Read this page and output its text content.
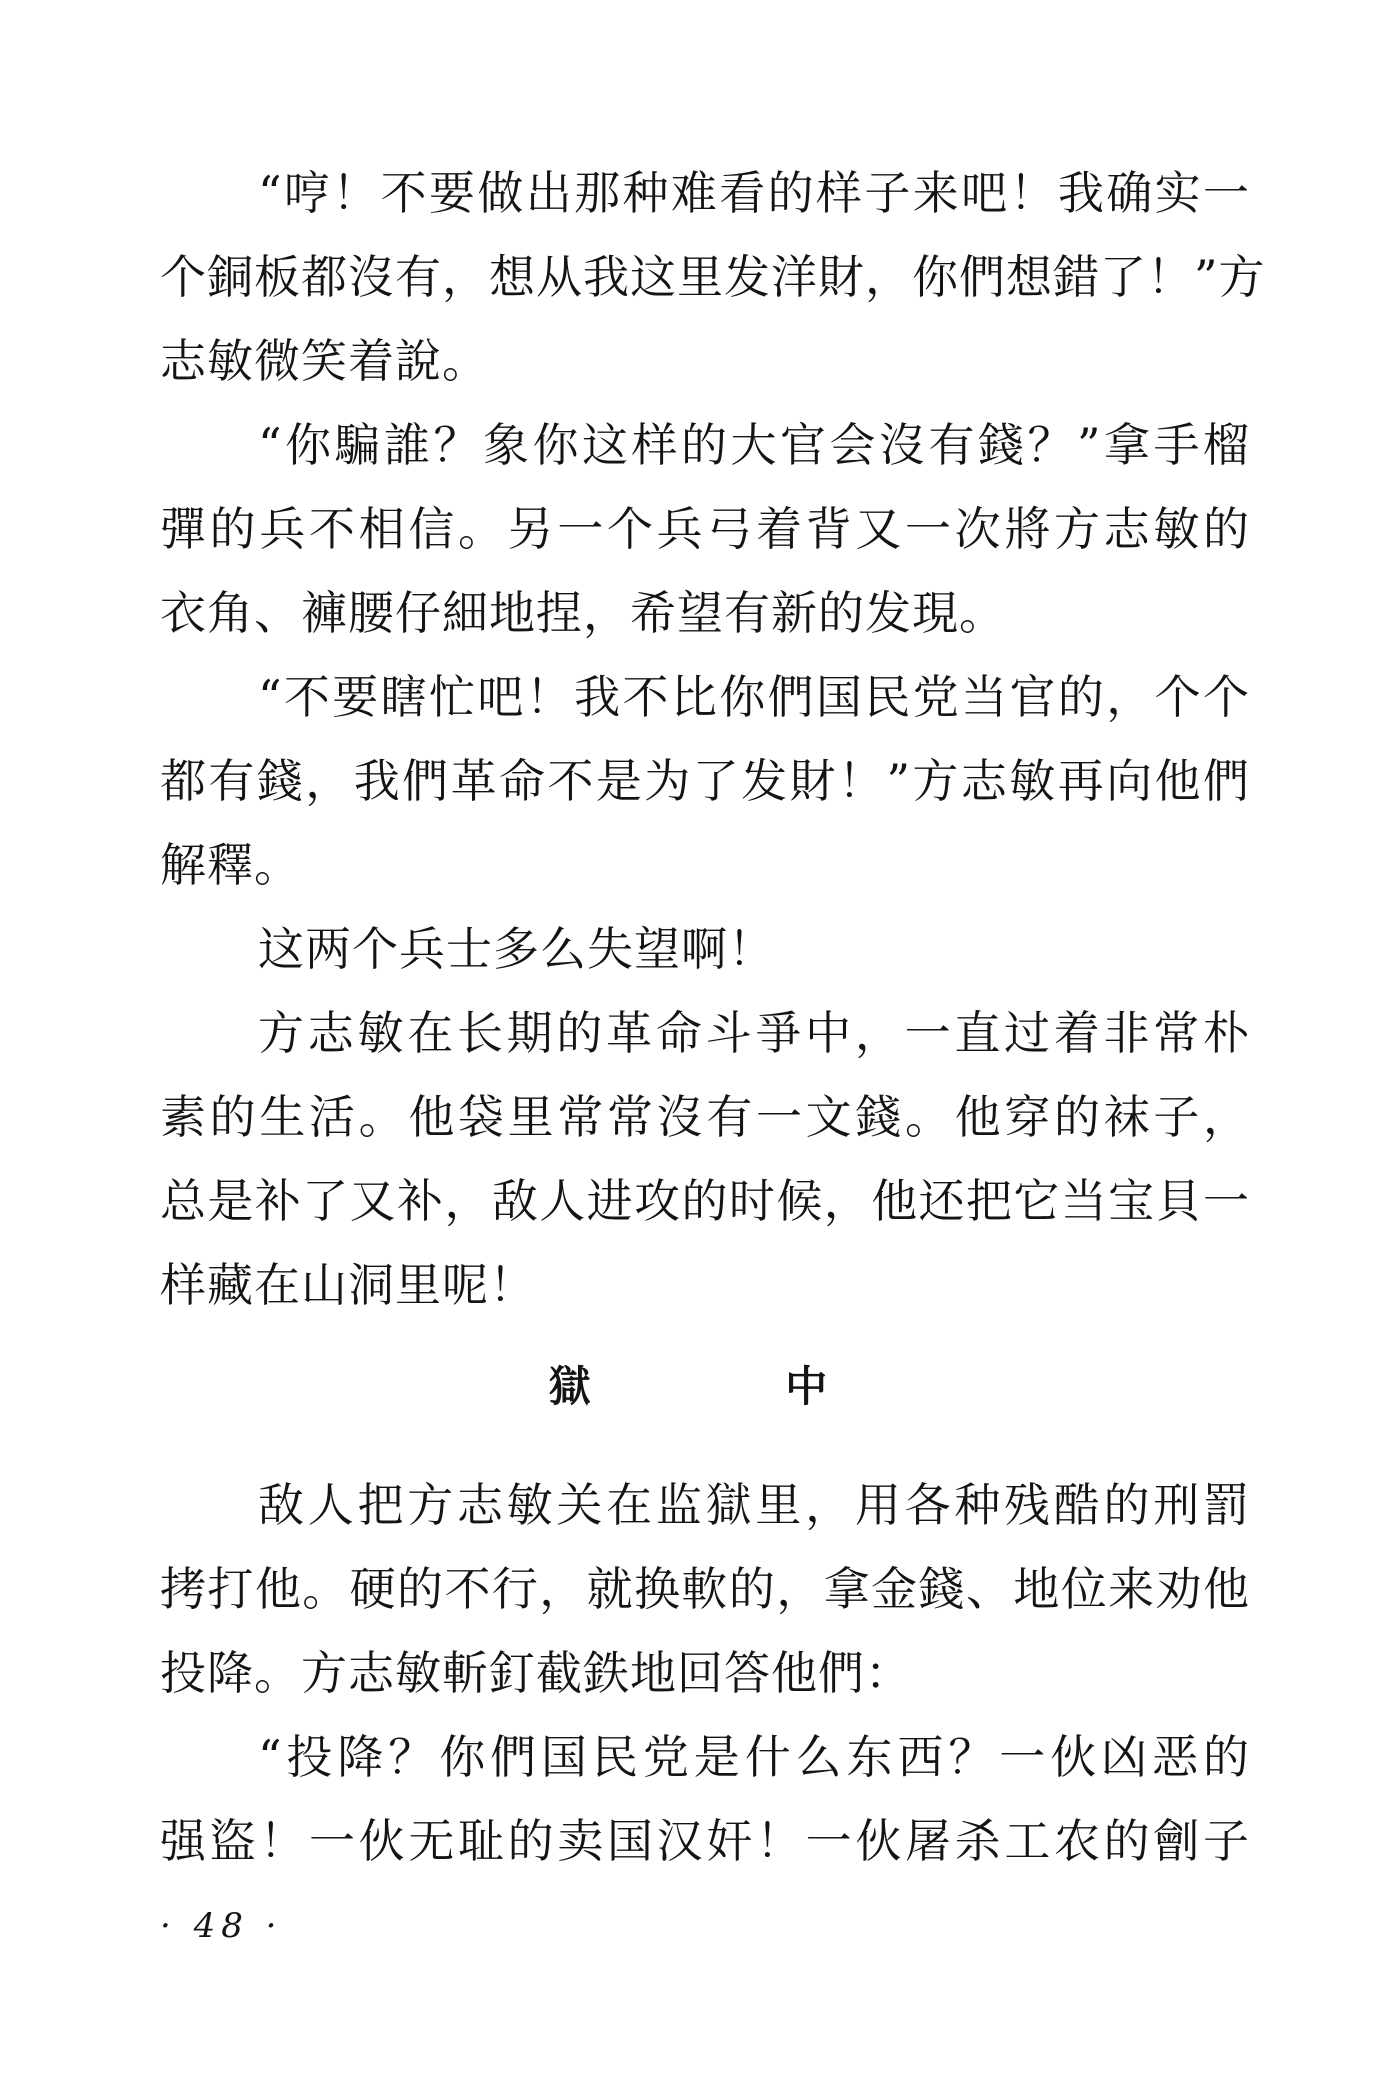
“哼！不要做出那种难看的样子来吧！我确实一
个銅板都沒有，想从我这里发洋財，你們想錯了！”方
志敏微笑着說。
“你騙誰？象你这样的大官会沒有錢？”拿手榴
彈的兵不相信。另一个兵弓着背又一次將方志敏的
衣角、褲腰仔細地捏，希望有新的发現。
“不要瞎忙吧！我不比你們国民党当官的，个个
都有錢，我們革命不是为了发財！”方志敏再向他們
解釋。
这两个兵士多么失望啊！
方志敏在长期的革命斗爭中，一直过着非常朴
素的生活。他袋里常常沒有一文錢。他穿的袜子，
总是补了又补，敌人进攻的时候，他还把它当宝貝一
样藏在山洞里呢！
獄 中
敌人把方志敏关在监獄里，用各种残酷的刑罰
拷打他。硬的不行，就换軟的，拿金錢、地位来劝他
投降。方志敏斬釘截鉄地回答他們：
“投降？你們国民党是什么东西？一伙凶恶的
强盜！一伙无耻的卖国汉奸！一伙屠杀工农的劊子
· 48 ·
